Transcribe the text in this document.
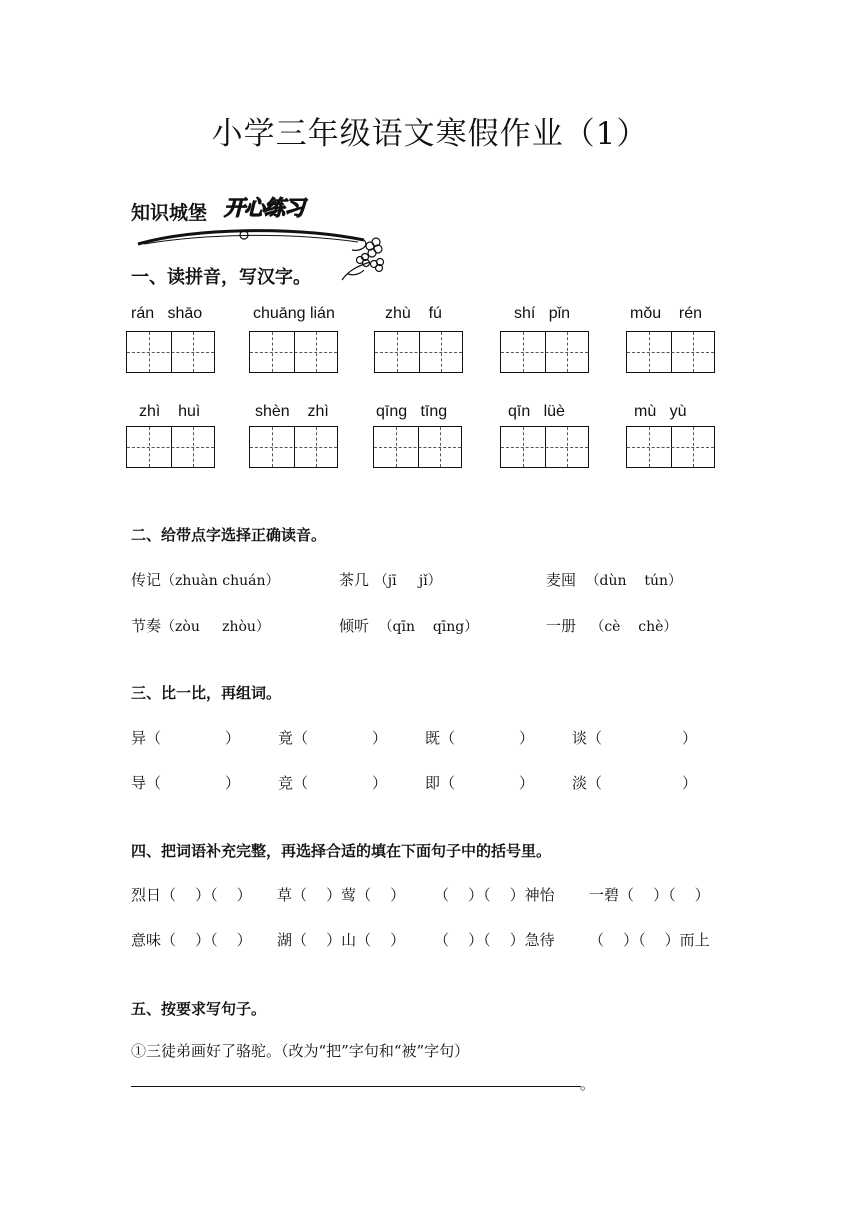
小学三年级语文寒假作业（1）
知识城堡 开心练习
一、读拼音，写汉字。
rán shāo	chuāng lián	zhù fú	shí pǐn	mǒu rén
zhì huì	shèn zhì	qīng tīng	qīn lüè	mù yù
二、给带点字选择正确读音。
传记（zhuàn chuán）	茶几 （jī     jǐ）	麦囤 （dùn    tún）
节奏（zòu     zhòu）	倾听 （qīn    qīng）	一册 （cè    chè）
三、比一比，再组词。
异（	）	竟（	）	既（	）	谈（	）
导（	）	竞（	）	即（	）	淡（	）
四、把词语补充完整，再选择合适的填在下面句子中的括号里。
烈日（    ）（    ） 草（    ）莺（    ） （    ）（    ）神怡 一碧（    ）（    ）
意味（    ）（    ） 湖（    ）山（    ） （    ）（    ）急待 （    ）（    ）而上
五、按要求写句子。
①三徒弟画好了骆驼。（改为“把”字句和“被”字句）
。
